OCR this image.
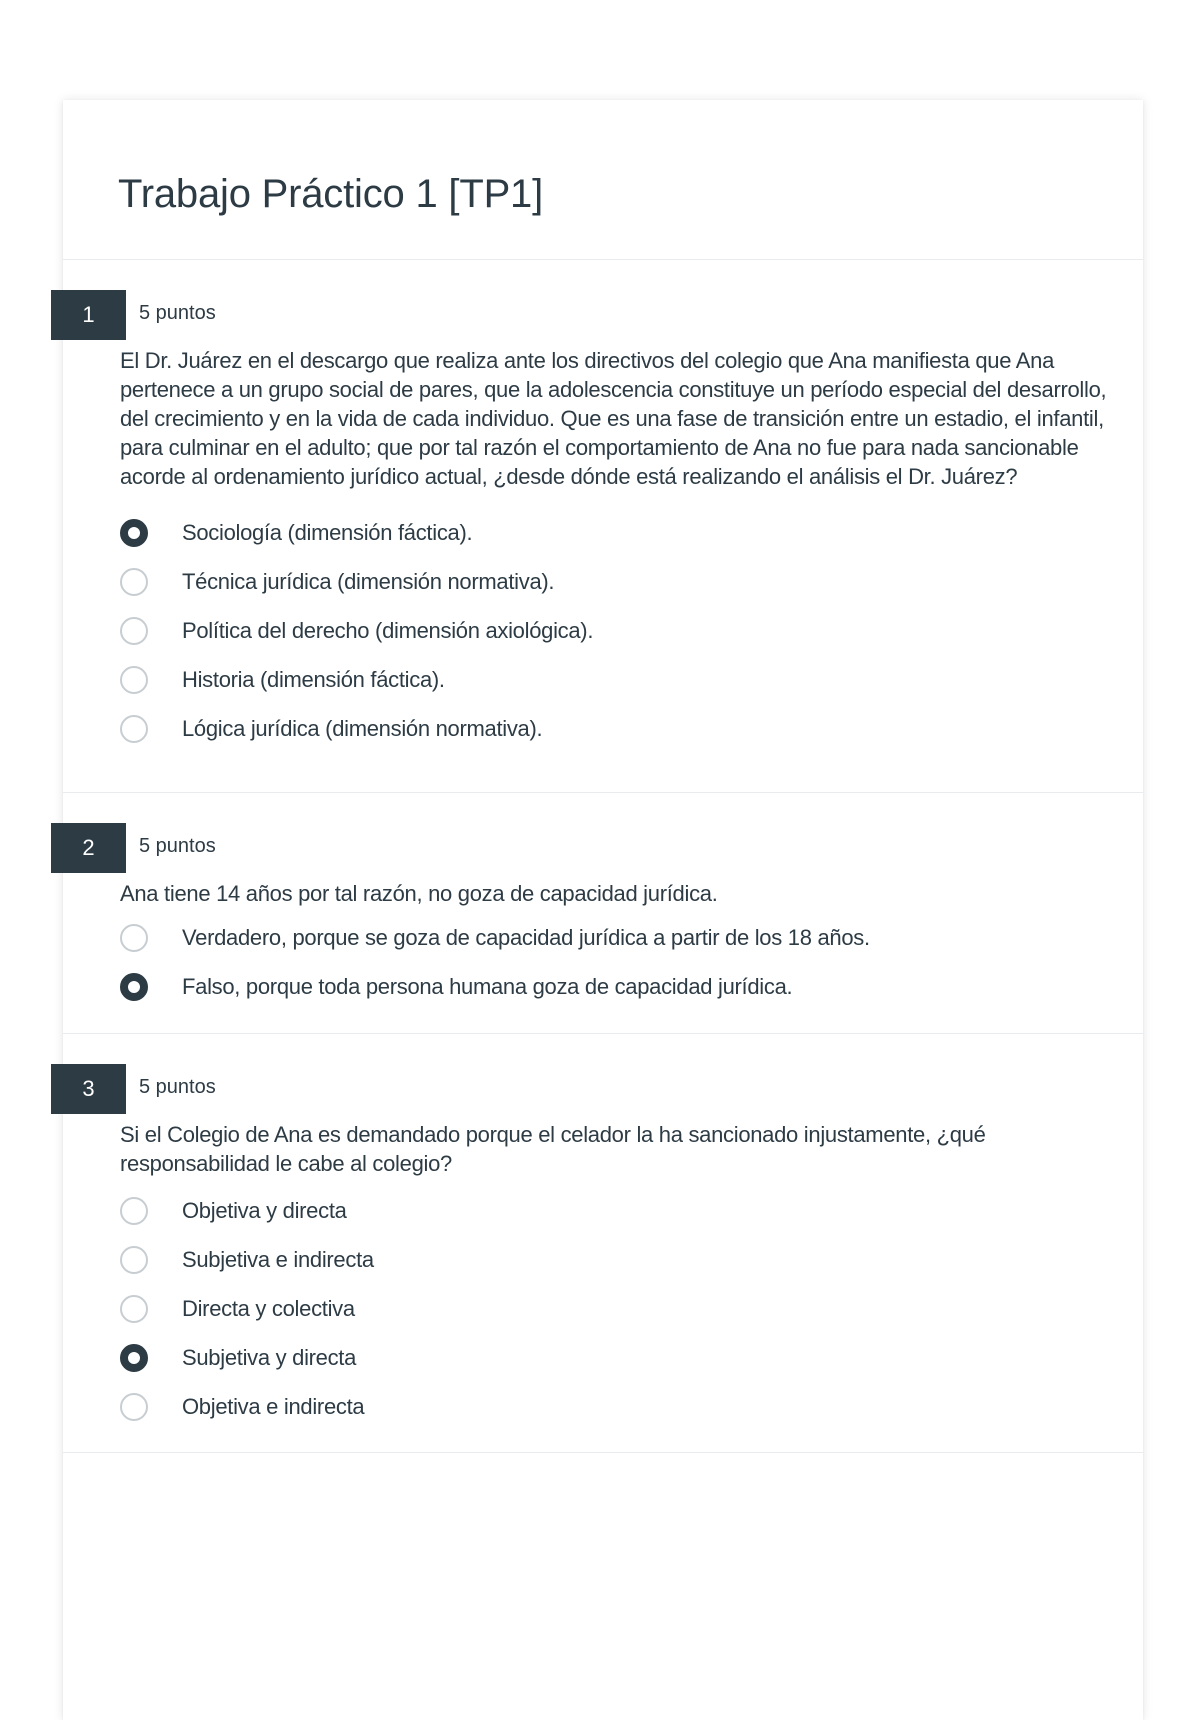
Trabajo Práctico 1 [TP1]
1	5 puntos

El Dr. Juárez en el descargo que realiza ante los directivos del colegio que Ana manifiesta que Ana pertenece a un grupo social de pares, que la adolescencia constituye un período especial del desarrollo, del crecimiento y en la vida de cada individuo. Que es una fase de transición entre un estadio, el infantil, para culminar en el adulto; que por tal razón el comportamiento de Ana no fue para nada sancionable acorde al ordenamiento jurídico actual, ¿desde dónde está realizando el análisis el Dr. Juárez?

Sociología (dimensión fáctica).
Técnica jurídica (dimensión normativa).
Política del derecho (dimensión axiológica).
Historia (dimensión fáctica).
Lógica jurídica (dimensión normativa).
2	5 puntos

Ana tiene 14 años por tal razón, no goza de capacidad jurídica.

Verdadero, porque se goza de capacidad jurídica a partir de los 18 años.
Falso, porque toda persona humana goza de capacidad jurídica.
3	5 puntos

Si el Colegio de Ana es demandado porque el celador la ha sancionado injustamente, ¿qué responsabilidad le cabe al colegio?

Objetiva y directa
Subjetiva e indirecta
Directa y colectiva
Subjetiva y directa
Objetiva e indirecta
